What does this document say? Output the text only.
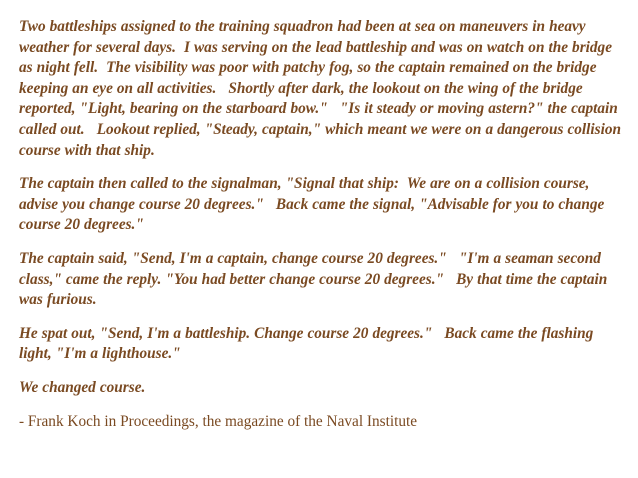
Two battleships assigned to the training squadron had been at sea on maneuvers in heavy weather for several days.  I was serving on the lead battleship and was on watch on the bridge as night fell.  The visibility was poor with patchy fog, so the captain remained on the bridge keeping an eye on all activities.   Shortly after dark, the lookout on the wing of the bridge reported, "Light, bearing on the starboard bow."   "Is it steady or moving astern?" the captain called out.   Lookout replied, "Steady, captain," which meant we were on a dangerous collision course with that ship.

The captain then called to the signalman, "Signal that ship:  We are on a collision course, advise you change course 20 degrees."   Back came the signal, "Advisable for you to change course 20 degrees."

The captain said, "Send, I'm a captain, change course 20 degrees."   "I'm a seaman second class," came the reply. "You had better change course 20 degrees."   By that time the captain was furious.

He spat out, "Send, I'm a battleship. Change course 20 degrees."   Back came the flashing light, "I'm a lighthouse."

We changed course.

- Frank Koch in Proceedings, the magazine of the Naval Institute
